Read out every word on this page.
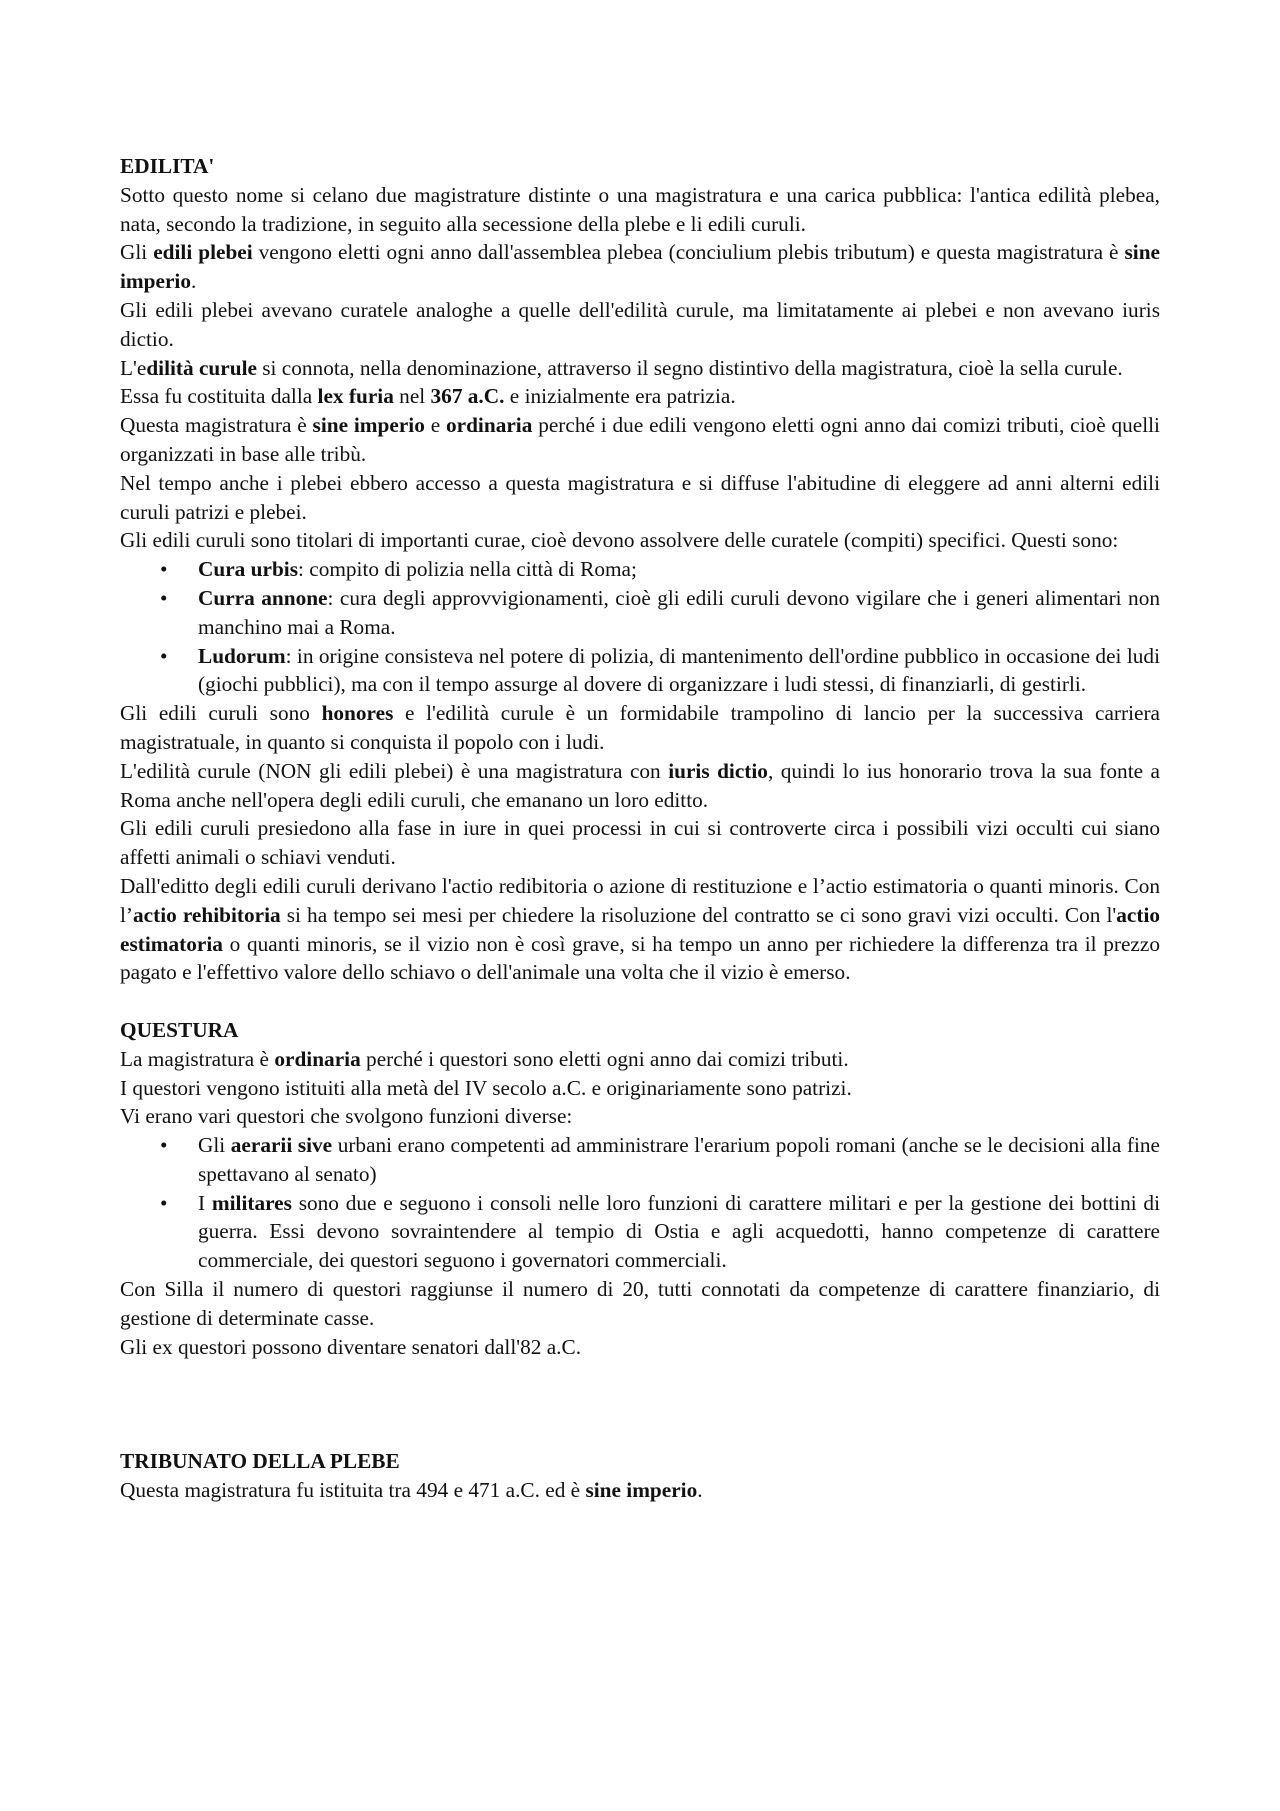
EDILITA'

Sotto questo nome si celano due magistrature distinte o una magistratura e una carica pubblica: l'antica edilità plebea, nata, secondo la tradizione, in seguito alla secessione della plebe e li edili curuli.

Gli edili plebei vengono eletti ogni anno dall'assemblea plebea (conciulium plebis tributum) e questa magistratura è sine imperio.

Gli edili plebei avevano curatele analoghe a quelle dell'edilità curule, ma limitatamente ai plebei e non avevano iuris dictio.

L'edilità curule si connota, nella denominazione, attraverso il segno distintivo della magistratura, cioè la sella curule.

Essa fu costituita dalla lex furia nel 367 a.C. e inizialmente era patrizia.

Questa magistratura è sine imperio e ordinaria perché i due edili vengono eletti ogni anno dai comizi tributi, cioè quelli organizzati in base alle tribù.

Nel tempo anche i plebei ebbero accesso a questa magistratura e si diffuse l'abitudine di eleggere ad anni alterni edili curuli patrizi e plebei.

Gli edili curuli sono titolari di importanti curae, cioè devono assolvere delle curatele (compiti) specifici. Questi sono:

• Cura urbis: compito di polizia nella città di Roma;
• Curra annone: cura degli approvvigionamenti, cioè gli edili curuli devono vigilare che i generi alimentari non manchino mai a Roma.
• Ludorum: in origine consisteva nel potere di polizia, di mantenimento dell'ordine pubblico in occasione dei ludi (giochi pubblici), ma con il tempo assurge al dovere di organizzare i ludi stessi, di finanziarli, di gestirli.

Gli edili curuli sono honores e l'edilità curule è un formidabile trampolino di lancio per la successiva carriera magistratuale, in quanto si conquista il popolo con i ludi.

L'edilità curule (NON gli edili plebei) è una magistratura con iuris dictio, quindi lo ius honorario trova la sua fonte a Roma anche nell'opera degli edili curuli, che emanano un loro editto.

Gli edili curuli presiedono alla fase in iure in quei processi in cui si controverte circa i possibili vizi occulti cui siano affetti animali o schiavi venduti.

Dall'editto degli edili curuli derivano l'actio redibitoria o azione di restituzione e l’actio estimatoria o quanti minoris. Con l’actio rehibitoria si ha tempo sei mesi per chiedere la risoluzione del contratto se ci sono gravi vizi occulti. Con l'actio estimatoria o quanti minoris, se il vizio non è così grave, si ha tempo un anno per richiedere la differenza tra il prezzo pagato e l'effettivo valore dello schiavo o dell'animale una volta che il vizio è emerso.

QUESTURA

La magistratura è ordinaria perché i questori sono eletti ogni anno dai comizi tributi.

I questori vengono istituiti alla metà del IV secolo a.C. e originariamente sono patrizi.

Vi erano vari questori che svolgono funzioni diverse:

• Gli aerarii sive urbani erano competenti ad amministrare l'erarium popoli romani (anche se le decisioni alla fine spettavano al senato)
• I militares sono due e seguono i consoli nelle loro funzioni di carattere militari e per la gestione dei bottini di guerra. Essi devono sovraintendere al tempio di Ostia e agli acquedotti, hanno competenze di carattere commerciale, dei questori seguono i governatori commerciali.

Con Silla il numero di questori raggiunse il numero di 20, tutti connotati da competenze di carattere finanziario, di gestione di determinate casse.

Gli ex questori possono diventare senatori dall'82 a.C.

TRIBUNATO DELLA PLEBE

Questa magistratura fu istituita tra 494 e 471 a.C. ed è sine imperio.
